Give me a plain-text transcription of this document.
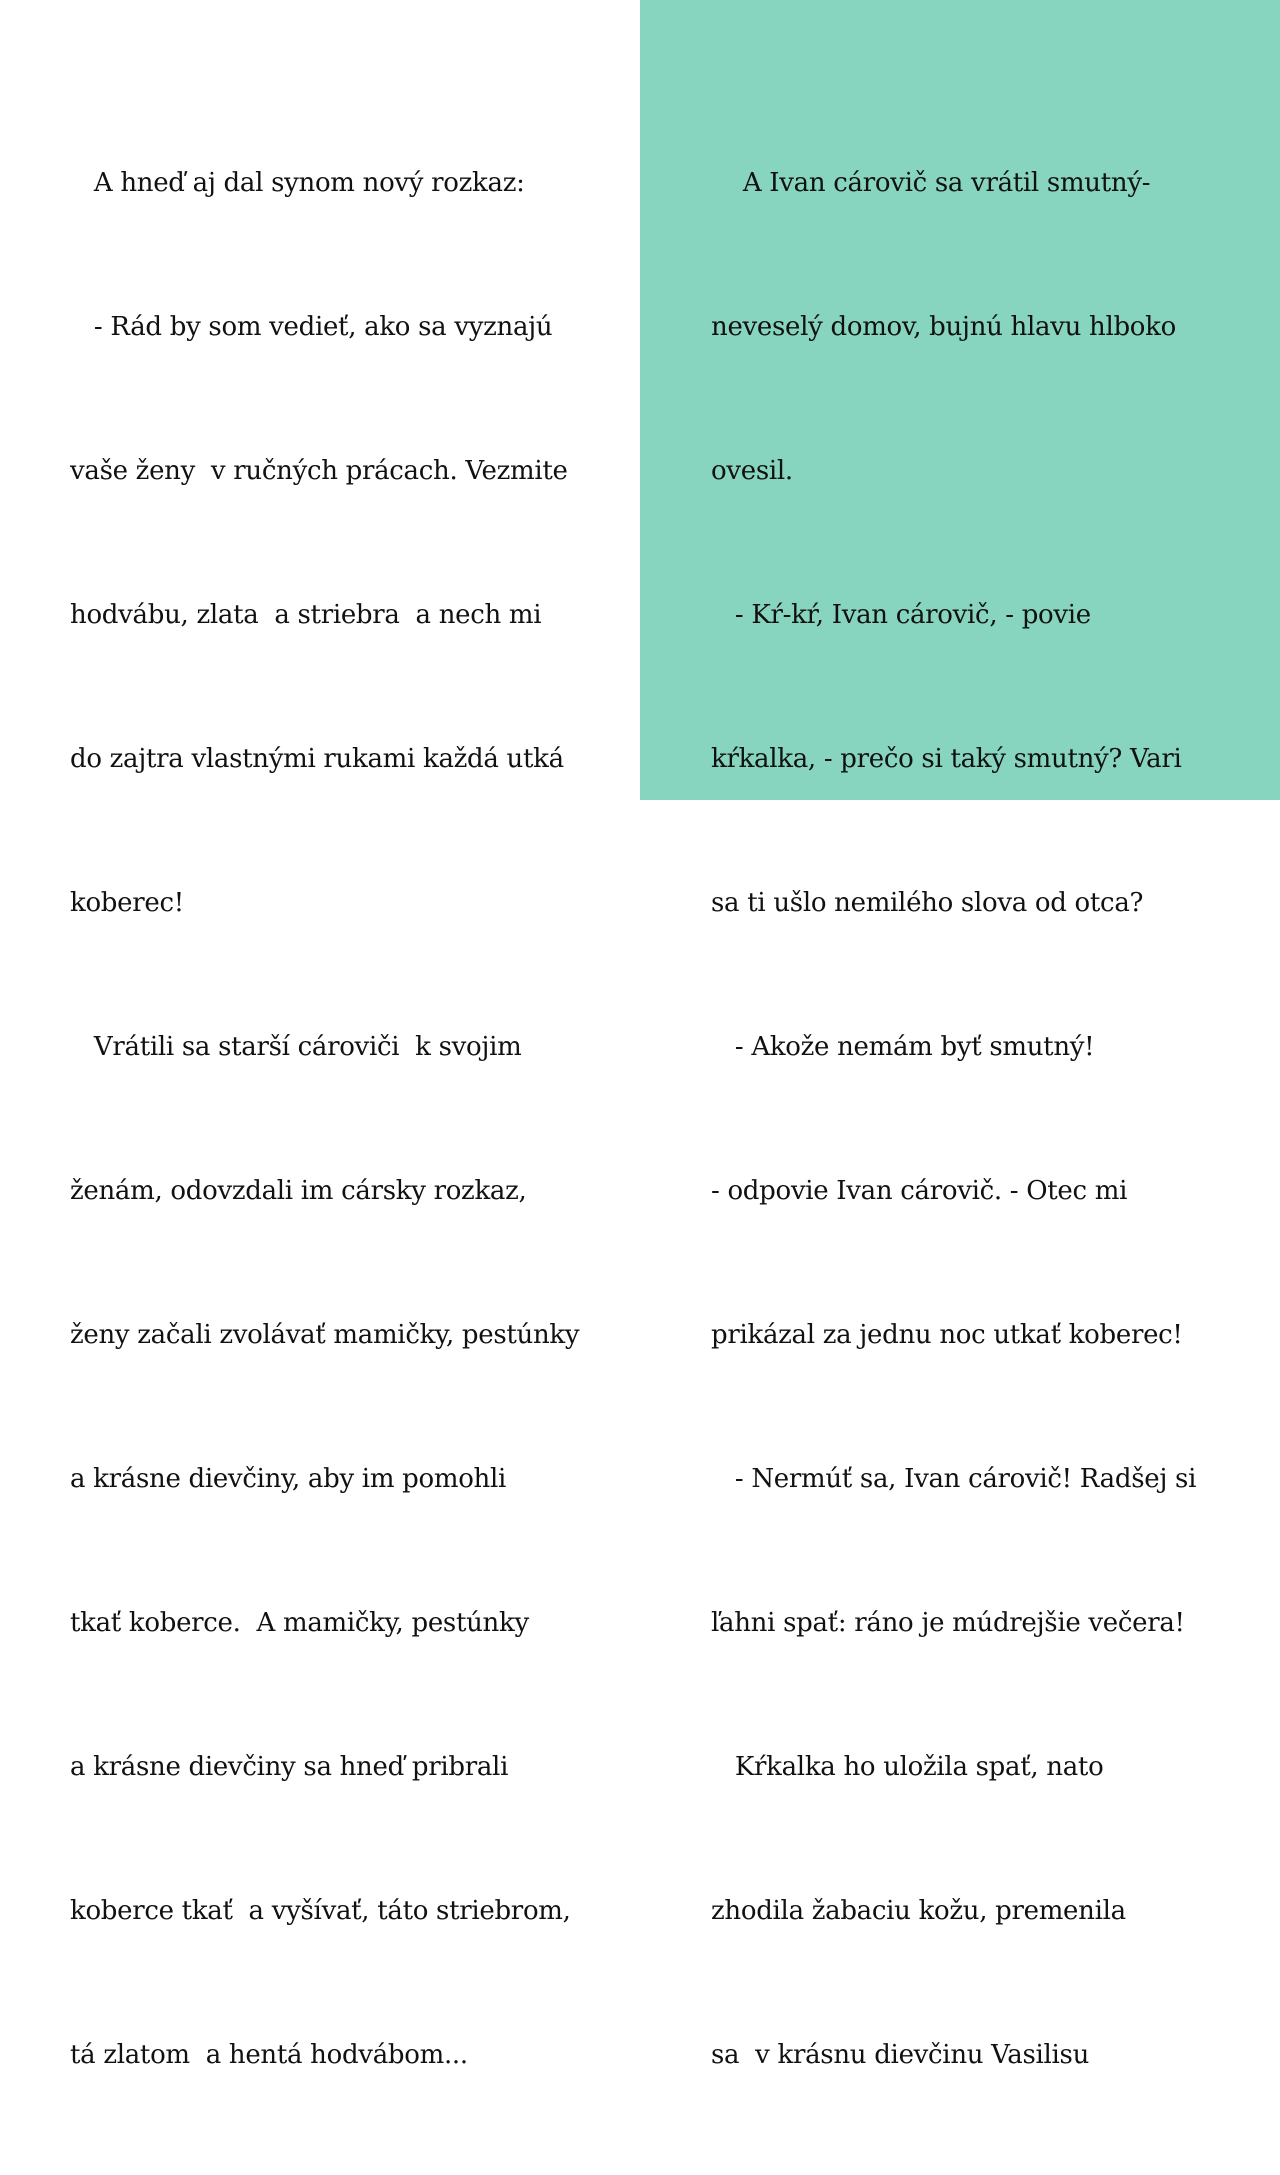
A hneď aj dal synom nový rozkaz:

- Rád by som vedieť, ako sa vyznajú

vaše ženy  v ručných prácach. Vezmite

hodvábu, zlata  a striebra  a nech mi

do zajtra vlastnými rukami každá utká

koberec!

Vrátili sa starší cároviči  k svojim

ženám, odovzdali im cársky rozkaz,

ženy začali zvolávať mamičky, pestúnky

a krásne dievčiny, aby im pomohli

tkať koberce.  A mamičky, pestúnky

a krásne dievčiny sa hneď pribrali

koberce tkať  a vyšívať, táto striebrom,

tá zlatom  a hentá hodvábom...

A Ivan cárovič sa vrátil smutný-

neveselý domov, bujnú hlavu hlboko

ovesil.

- Kŕ-kŕ, Ivan cárovič, - povie

kŕkalka, - prečo si taký smutný? Vari

sa ti ušlo nemilého slova od otca?

- Akože nemám byť smutný!

- odpovie Ivan cárovič. - Otec mi

prikázal za jednu noc utkať koberec!

- Nermúť sa, Ivan cárovič! Radšej si

ľahni spať: ráno je múdrejšie večera!

Kŕkalka ho uložila spať, nato

zhodila žabaciu kožu, premenila

sa  v krásnu dievčinu Vasilisu
